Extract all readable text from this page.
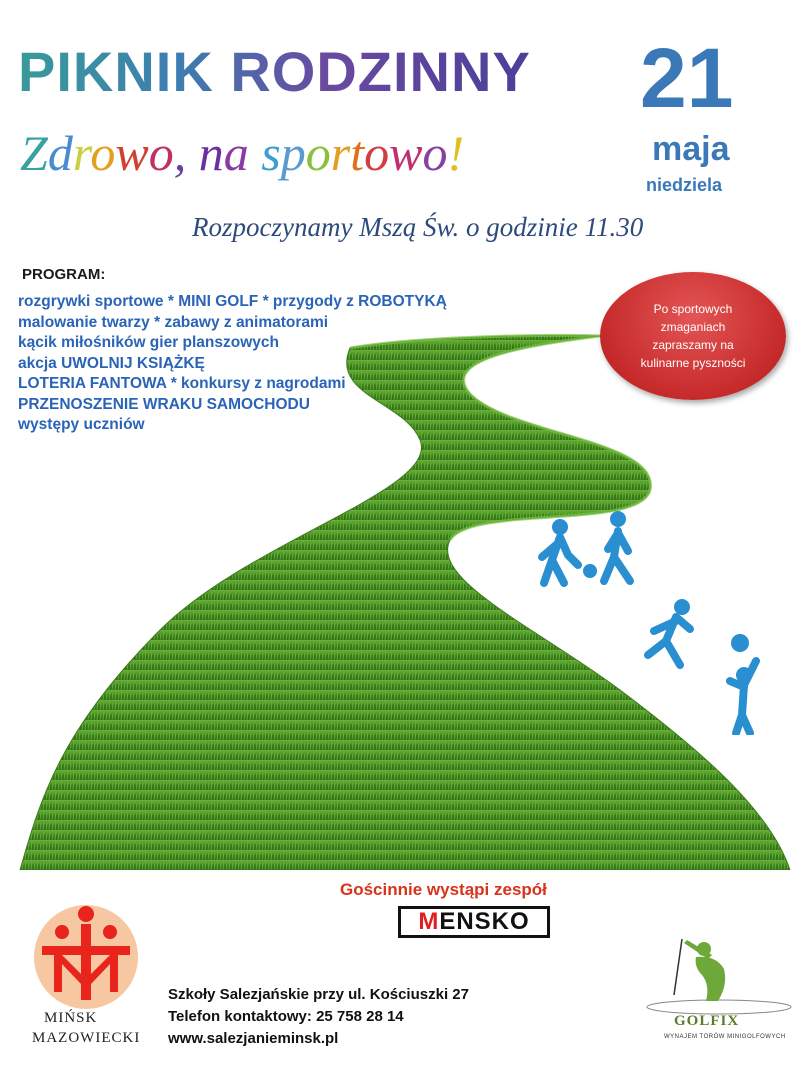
PIKNIK RODZINNY
Zdrowo, na sportowo!
21
maja
niedziela
Rozpoczynamy Mszą Św. o godzinie 11.30
PROGRAM:
rozgrywki sportowe * MINI GOLF * przygody z ROBOTYKĄ
malowanie twarzy * zabawy z animatorami
kącik miłośników gier planszowych
akcja UWOLNIJ KSIĄŻKĘ
LOTERIA FANTOWA * konkursy z nagrodami
PRZENOSZENIE WRAKU SAMOCHODU
występy uczniów
Po sportowych zmaganiach zapraszamy na kulinarne pyszności
Gościnnie wystąpi zespół
M ENSKO
MIŃSK
MAZOWIECKI
Szkoły Salezjańskie przy ul. Kościuszki 27
Telefon kontaktowy: 25 758 28 14
www.salezjanieminsk.pl
GOLFIX
WYNAJEM TORÓW MINIGOLFOWYCH
